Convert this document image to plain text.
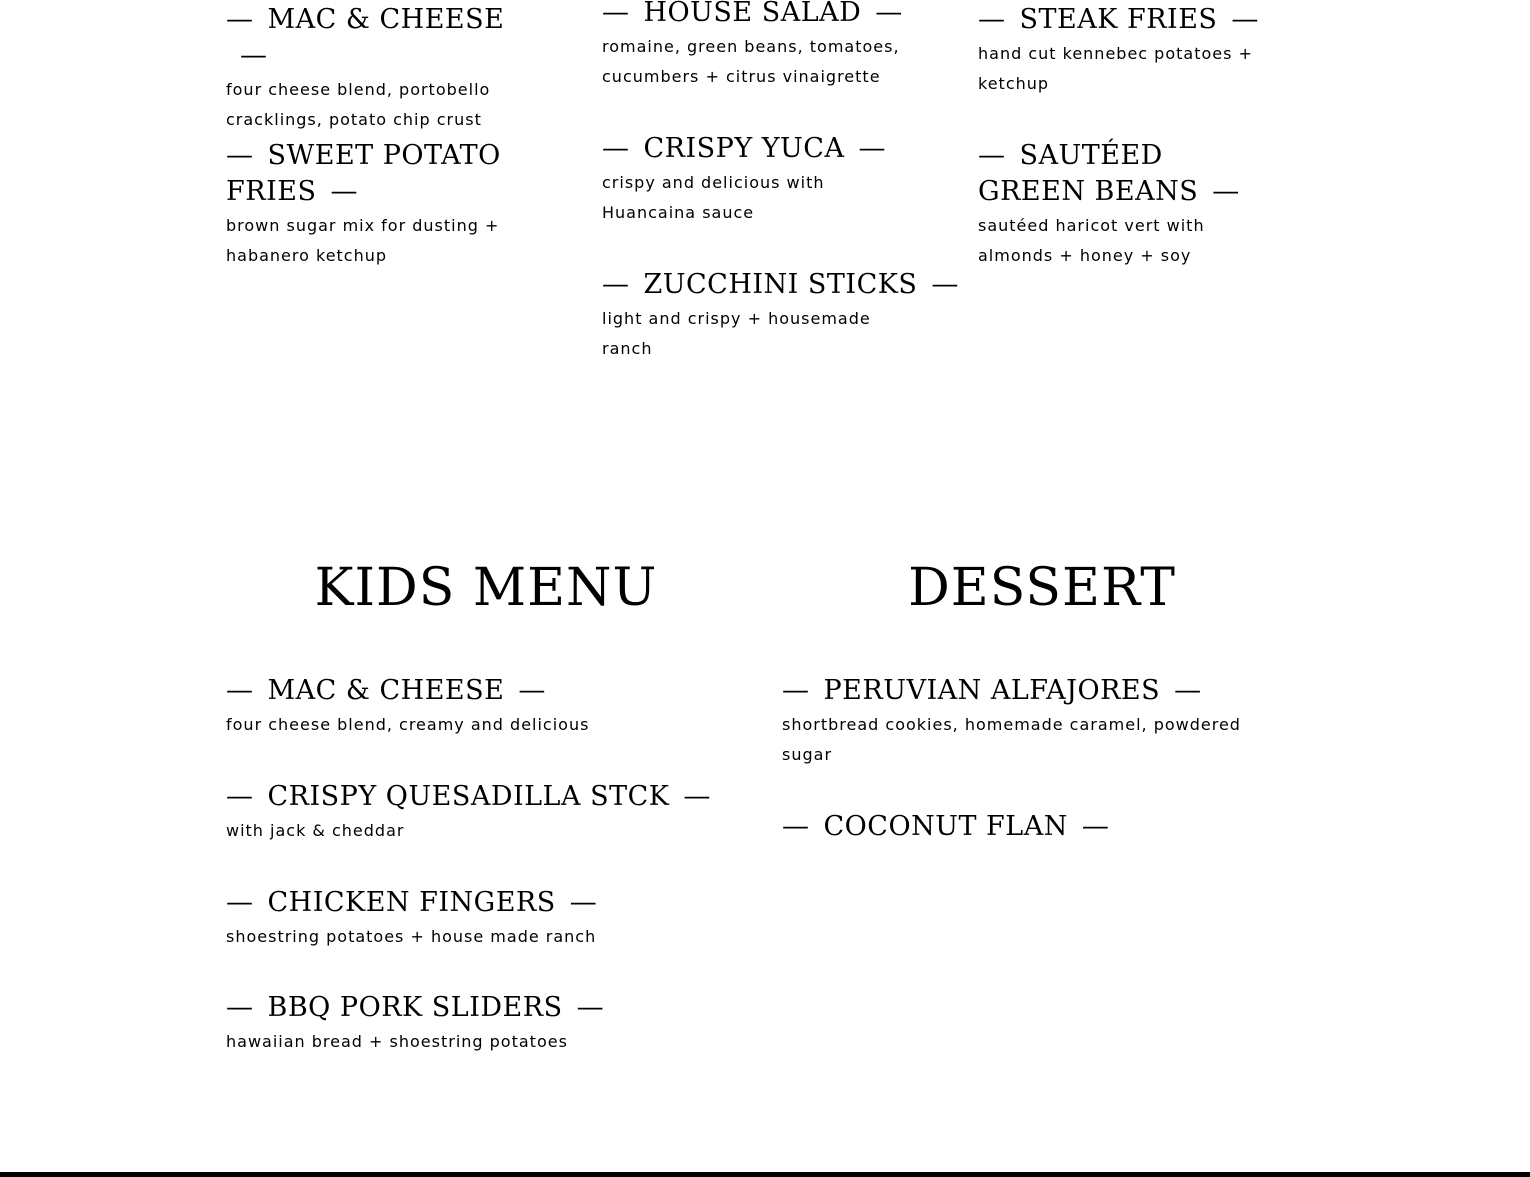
— MAC & CHEESE—

four cheese blend, portobello cracklings, potato chip crust

— SWEET POTATO FRIES —

brown sugar mix for dusting + habanero ketchup

— HOUSE SALAD —

romaine, green beans, tomatoes, cucumbers + citrus vinaigrette

— CRISPY YUCA —

crispy and delicious with Huancaina sauce

— ZUCCHINI STICKS —

light and crispy + housemade ranch

— STEAK FRIES —

hand cut kennebec potatoes + ketchup

— SAUTÉED GREEN BEANS —

sautéed haricot vert with almonds + honey + soy

KIDS MENU
— MAC & CHEESE —

four cheese blend, creamy and delicious

— CRISPY QUESADILLA STCK —

with jack & cheddar

— CHICKEN FINGERS —

shoestring potatoes + house made ranch

— BBQ PORK SLIDERS —

hawaiian bread + shoestring potatoes

DESSERT
— PERUVIAN ALFAJORES —

shortbread cookies, homemade caramel, powdered sugar

— COCONUT FLAN —
